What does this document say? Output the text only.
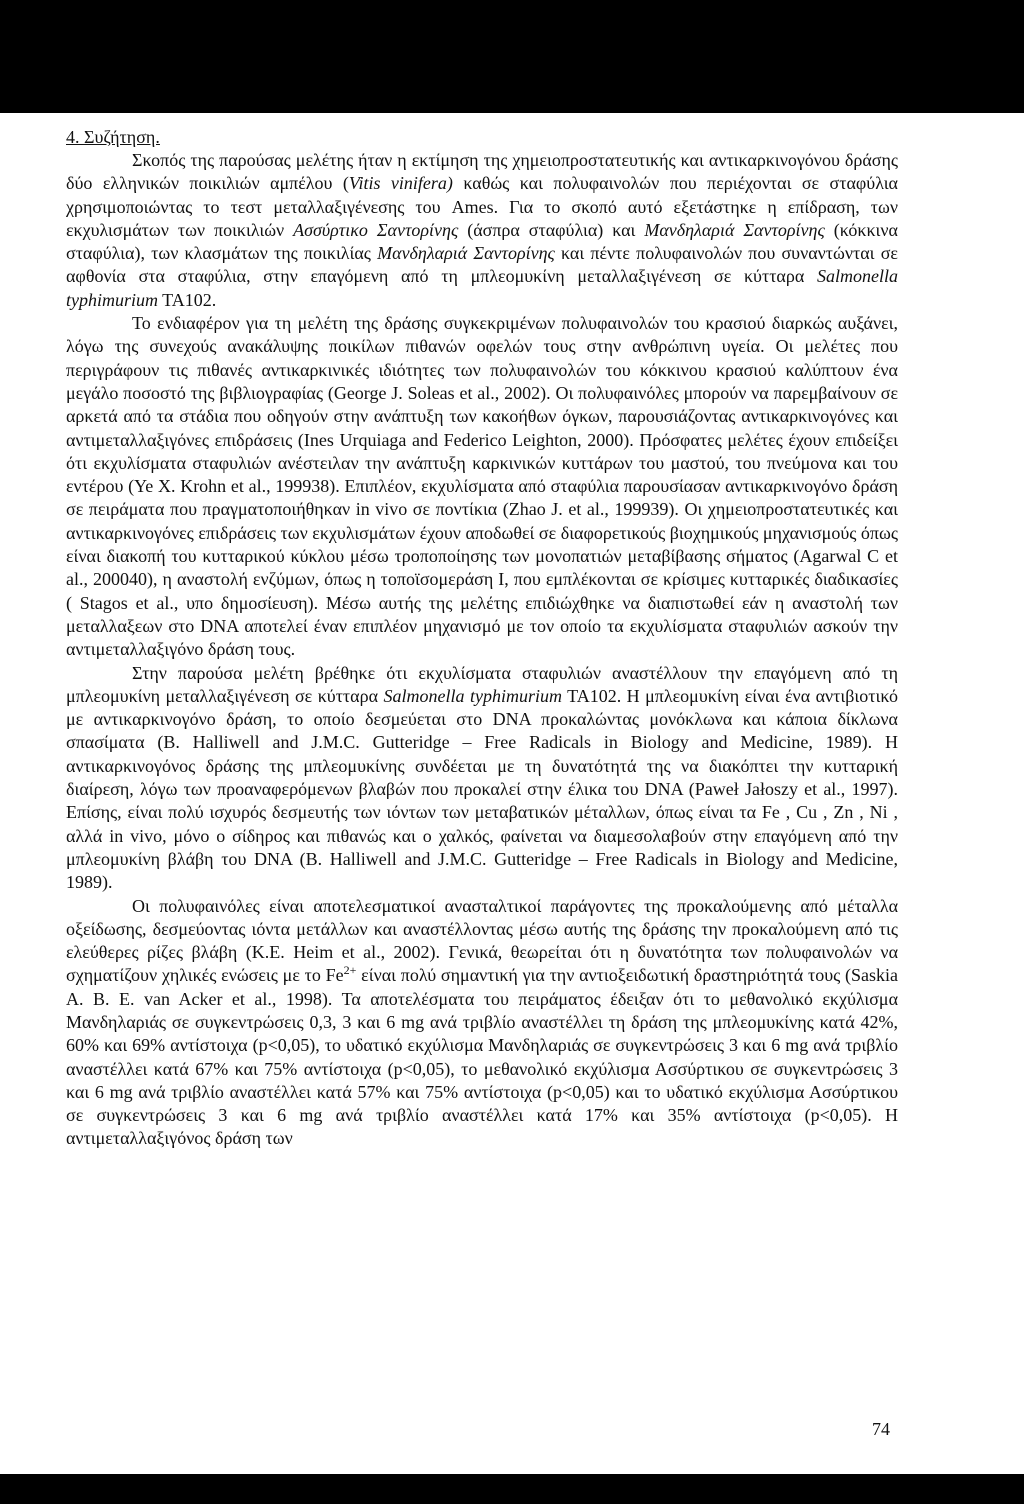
4. Συζήτηση.

Σκοπός της παρούσας μελέτης ήταν η εκτίμηση της χημειοπροστατευτικής και αντικαρκινογόνου δράσης δύο ελληνικών ποικιλιών αμπέλου (Vitis vinifera) καθώς και πολυφαινολών που περιέχονται σε σταφύλια χρησιμοποιώντας το τεστ μεταλλαξιγένεσης του Ames. Για το σκοπό αυτό εξετάστηκε η επίδραση, των εκχυλισμάτων των ποικιλιών Ασσύρτικο Σαντορίνης (άσπρα σταφύλια) και Μανδηλαριά Σαντορίνης (κόκκινα σταφύλια), των κλασμάτων της ποικιλίας Μανδηλαριά Σαντορίνης και πέντε πολυφαινολών που συναντώνται σε αφθονία στα σταφύλια, στην επαγόμενη από τη μπλεομυκίνη μεταλλαξιγένεση σε κύτταρα Salmonella typhimurium TA102.

Το ενδιαφέρον για τη μελέτη της δράσης συγκεκριμένων πολυφαινολών του κρασιού διαρκώς αυξάνει, λόγω της συνεχούς ανακάλυψης ποικίλων πιθανών οφελών τους στην ανθρώπινη υγεία. Οι μελέτες που περιγράφουν τις πιθανές αντικαρκινικές ιδιότητες των πολυφαινολών του κόκκινου κρασιού καλύπτουν ένα μεγάλο ποσοστό της βιβλιογραφίας (George J. Soleas et al., 2002). Οι πολυφαινόλες μπορούν να παρεμβαίνουν σε αρκετά από τα στάδια που οδηγούν στην ανάπτυξη των κακοήθων όγκων, παρουσιάζοντας αντικαρκινογόνες και αντιμεταλλαξιγόνες επιδράσεις (Ines Urquiaga and Federico Leighton, 2000). Πρόσφατες μελέτες έχουν επιδείξει ότι εκχυλίσματα σταφυλιών ανέστειλαν την ανάπτυξη καρκινικών κυττάρων του μαστού, του πνεύμονα και του εντέρου (Ye X. Krohn et al., 199938). Επιπλέον, εκχυλίσματα από σταφύλια παρουσίασαν αντικαρκινογόνο δράση σε πειράματα που πραγματοποιήθηκαν in vivo σε ποντίκια (Zhao J. et al., 199939). Οι χημειοπροστατευτικές και αντικαρκινογόνες επιδράσεις των εκχυλισμάτων έχουν αποδωθεί σε διαφορετικούς βιοχημικούς μηχανισμούς όπως είναι διακοπή του κυτταρικού κύκλου μέσω τροποποίησης των μονοπατιών μεταβίβασης σήματος (Agarwal C et al., 200040), η αναστολή ενζύμων, όπως η τοποϊσομεράση I, που εμπλέκονται σε κρίσιμες κυτταρικές διαδικασίες ( Stagos et al., υπο δημοσίευση). Μέσω αυτής της μελέτης επιδιώχθηκε να διαπιστωθεί εάν η αναστολή των μεταλλαξεων στο DNA αποτελεί έναν επιπλέον μηχανισμό με τον οποίο τα εκχυλίσματα σταφυλιών ασκούν την αντιμεταλλαξιγόνο δράση τους.

Στην παρούσα μελέτη βρέθηκε ότι εκχυλίσματα σταφυλιών αναστέλλουν την επαγόμενη από τη μπλεομυκίνη μεταλλαξιγένεση σε κύτταρα Salmonella typhimurium TA102. Η μπλεομυκίνη είναι ένα αντιβιοτικό με αντικαρκινογόνο δράση, το οποίο δεσμεύεται στο DNA προκαλώντας μονόκλωνα και κάποια δίκλωνα σπασίματα (B. Halliwell and J.M.C. Gutteridge – Free Radicals in Biology and Medicine, 1989). Η αντικαρκινογόνος δράσης της μπλεομυκίνης συνδέεται με τη δυνατότητά της να διακόπτει την κυτταρική διαίρεση, λόγω των προαναφερόμενων βλαβών που προκαλεί στην έλικα του DNA (Paweł Jałoszy et al., 1997). Επίσης, είναι πολύ ισχυρός δεσμευτής των ιόντων των μεταβατικών μέταλλων, όπως είναι τα Fe , Cu , Zn , Ni , αλλά in vivo, μόνο ο σίδηρος και πιθανώς και ο χαλκός, φαίνεται να διαμεσολαβούν στην επαγόμενη από την μπλεομυκίνη βλάβη του DNA (B. Halliwell and J.M.C. Gutteridge – Free Radicals in Biology and Medicine, 1989).

Οι πολυφαινόλες είναι αποτελεσματικοί ανασταλτικοί παράγοντες της προκαλούμενης από μέταλλα οξείδωσης, δεσμεύοντας ιόντα μετάλλων και αναστέλλοντας μέσω αυτής της δράσης την προκαλούμενη από τις ελεύθερες ρίζες βλάβη (K.E. Heim et al., 2002). Γενικά, θεωρείται ότι η δυνατότητα των πολυφαινολών να σχηματίζουν χηλικές ενώσεις με το $Fe^{2+}$ είναι πολύ σημαντική για την αντιοξειδωτική δραστηριότητά τους (Saskia A. B. E. van Acker et al., 1998). Τα αποτελέσματα του πειράματος έδειξαν ότι το μεθανολικό εκχύλισμα Μανδηλαριάς σε συγκεντρώσεις 0,3, 3 και 6 mg ανά τριβλίο αναστέλλει τη δράση της μπλεομυκίνης κατά 42%, 60% και 69% αντίστοιχα (p<0,05), το υδατικό εκχύλισμα Μανδηλαριάς σε συγκεντρώσεις 3 και 6 mg ανά τριβλίο αναστέλλει κατά 67% και 75% αντίστοιχα (p<0,05), το μεθανολικό εκχύλισμα Ασσύρτικου σε συγκεντρώσεις 3 και 6 mg ανά τριβλίο αναστέλλει κατά 57% και 75% αντίστοιχα (p<0,05) και το υδατικό εκχύλισμα Ασσύρτικου σε συγκεντρώσεις 3 και 6 mg ανά τριβλίο αναστέλλει κατά 17% και 35% αντίστοιχα (p<0,05). Η αντιμεταλλαξιγόνος δράση των

74
